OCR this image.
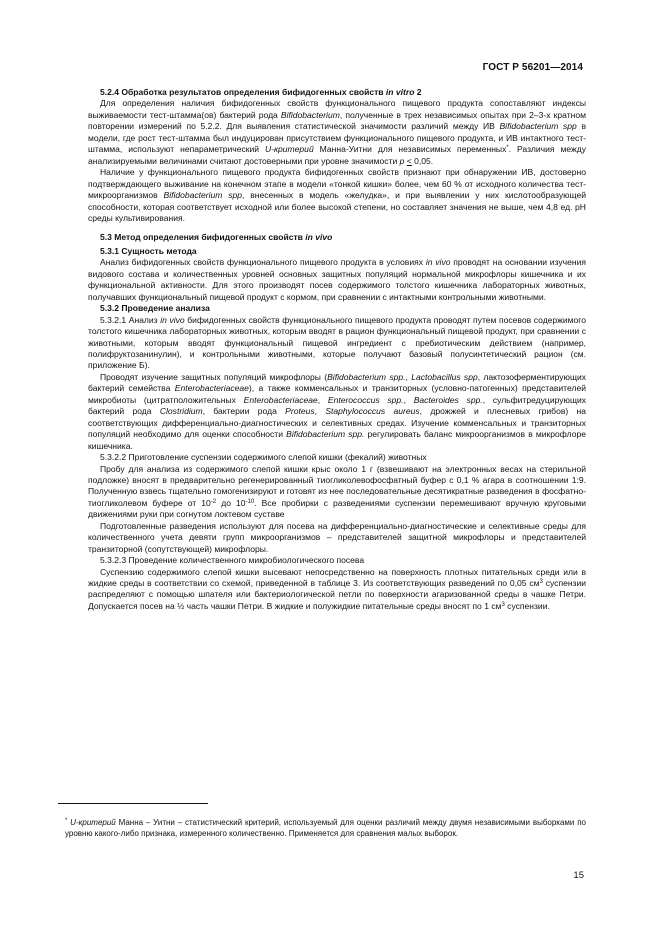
ГОСТ Р 56201—2014

5.2.4 Обработка результатов определения бифидогенных свойств in vitro 2

Для определения наличия бифидогенных свойств функционального пищевого продукта сопоставляют индексы выживаемости тест-штамма(ов) бактерий рода Bifidobacterium, полученные в трех независимых опытах при 2–3-х кратном повторении измерений по 5.2.2. Для выявления статистической значимости различий между ИВ Bifidobacterium spp в модели, где рост тест-штамма был индуцирован присутствием функционального пищевого продукта, и ИВ интактного тест-штамма, используют непараметрический U-критерий Манна-Уитни для независимых переменных*. Различия между анализируемыми величинами считают достоверными при уровне значимости р < 0,05.

Наличие у функционального пищевого продукта бифидогенных свойств признают при обнаружении ИВ, достоверно подтверждающего выживание на конечном этапе в модели «тонкой кишки» более, чем 60 % от исходного количества тест-микроорганизмов Bifidobacterium spp, внесенных в модель «желудка», и при выявлении у них кислотообразующей способности, которая соответствует исходной или более высокой степени, но составляет значения не выше, чем 4,8 ед. pH среды культивирования.

5.3 Метод определения бифидогенных свойств in vivo

5.3.1 Сущность метода

Анализ бифидогенных свойств функционального пищевого продукта в условиях in vivo проводят на основании изучения видового состава и количественных уровней основных защитных популяций нормальной микрофлоры кишечника и их функциональной активности. Для этого производят посев содержимого толстого кишечника лабораторных животных, получавших функциональный пищевой продукт с кормом, при сравнении с интактными контрольными животными.

5.3.2 Проведение анализа

5.3.2.1 Анализ in vivo бифидогенных свойств функционального пищевого продукта проводят путем посевов содержимого толстого кишечника лабораторных животных, которым вводят в рацион функциональный пищевой продукт, при сравнении с животными, которым вводят функциональный пищевой ингредиент с пребиотическим действием (например, полифруктозанинулин), и контрольными животными, которые получают базовый полусинтетический рацион (см. приложение Б).

Проводят изучение защитных популяций микрофлоры (Bifidobacterium spp., Lactobacillus spp, лактозоферментирующих бактерий семейства Enterobacteriaceae), а также комменсальных и транзиторных (условно-патогенных) представителей микробиоты (цитратположительных Enterobacteriaceae, Enterococcus spp., Bacteroides spp., сульфитредуцирующих бактерий рода Clostridium, бактерии рода Proteus, Staphylococcus aureus, дрожжей и плесневых грибов) на соответствующих дифференциально-диагностических и селективных средах. Изучение комменсальных и транзиторных популяций необходимо для оценки способности Bifidobacterium spp. регулировать баланс микроорганизмов в микрофлоре кишечника.

5.3.2.2 Приготовление суспензии содержимого слепой кишки (фекалий) животных

Пробу для анализа из содержимого слепой кишки крыс около 1 г (взвешивают на электронных весах на стерильной подложке) вносят в предварительно регенерированный тиогликолевофосфатный буфер с 0,1 % агара в соотношении 1:9. Полученную взвесь тщательно гомогенизируют и готовят из нее последовательные десятикратные разведения в фосфатно-тиогликолевом буфере от $10^{-2}$ до $10^{-10}$. Все пробирки с разведениями суспензии перемешивают вручную круговыми движениями руки при согнутом локтевом суставе

Подготовленные разведения используют для посева на дифференциально-диагностические и селективные среды для количественного учета девяти групп микроорганизмов – представителей защитной микрофлоры и представителей транзиторной (сопутствующей) микрофлоры.

5.3.2.3 Проведение количественного микробиологического посева

Суспензию содержимого слепой кишки высевают непосредственно на поверхность плотных питательных среди или в жидкие среды в соответствии со схемой, приведенной в таблице 3. Из соответствующих разведений по 0,05 $см^3$ суспензии распределяют с помощью шпателя или бактериологической петли по поверхности агаризованной среды в чашке Петри. Допускается посев на ½ часть чашки Петри. В жидкие и полужидкие питательные среды вносят по 1 $см^3$ суспензии.

* U-критерий Манна – Уитни – статистический критерий, используемый для оценки различий между двумя независимыми выборками по уровню какого-либо признака, измеренного количественно. Применяется для сравнения малых выборок.

15
